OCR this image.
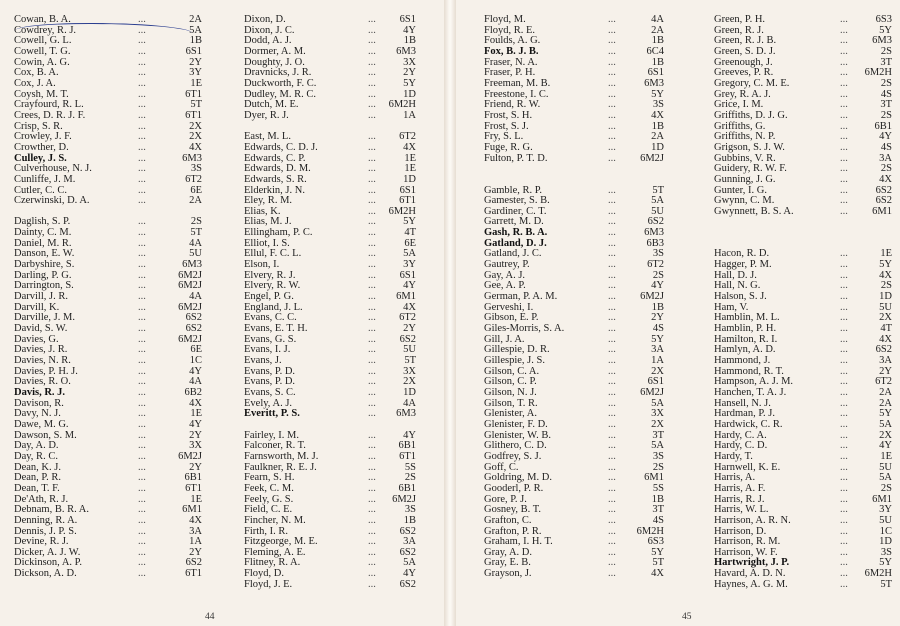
Cowan, B. A.	...	2A
Cowdrey, R. J.	...	5A
Cowell, G. L.	...	1B
Cowell, T. G.	...	6S1
Cowin, A. G.	...	2Y
Cox, B. A.	...	3Y
Cox, J. A.	...	1E
Coysh, M. T.	...	6T1
Crayfourd, R. L.	...	5T
Crees, D. R. J. F.	...	6T1
Crisp, S. R.	...	2X
Crowley, J. F.	...	2X
Crowther, D.	...	4X
Culley, J. S.	...	6M3
Culverhouse, N. J.	...	3S
Cunliffe, J. M.	...	6T2
Cutler, C. C.	...	6E
Czerwinski, D. A.	...	2A
Daglish, S. P.	...	2S
Dainty, C. M.	...	5T
Daniel, M. R.	...	4A
Danson, E. W.	...	5U
Darbyshire, S.	...	6M3
Darling, P. G.	...	6M2J
Darrington, S.	...	6M2J
Darvill, J. R.	...	4A
Darvill, K.	...	6M2J
Darville, J. M.	...	6S2
David, S. W.	...	6S2
Davies, G.	...	6M2J
Davies, J. R.	...	6E
Davies, N. R.	...	1C
Davies, P. H. J.	...	4Y
Davies, R. O.	...	4A
Davis, R. J.	...	6B2
Davison, R.	...	4X
Davy, N. J.	...	1E
Dawe, M. G.	...	4Y
Dawson, S. M.	...	2Y
Day, A. D.	...	3X
Day, R. C.	...	6M2J
Dean, K. J.	...	2Y
Dean, P. R.	...	6B1
Dean, T. F.	...	6T1
De'Ath, R. J.	...	1E
Debnam, B. R. A.	...	6M1
Denning, R. A.	...	4X
Dennis, J. P. S.	...	3A
Devine, R. J.	...	1A
Dicker, A. J. W.	...	2Y
Dickinson, A. P.	...	6S2
Dickson, A. D.	...	6T1
Dixon, D.	... 6S1
Dixon, J. C.	...	4Y
Dodd, A. J.	...	1B
Dormer, A. M.	... 6M3
Doughty, J. O.	...	3X
Dravnicks, J. R.	...	2Y
Duckworth, F. C.	...	5Y
Dudley, M. R. C.	...	1D
Dutch, M. E.	... 6M2H
Dyer, R. J.	...	1A
East, M. L.	... 6T2
Edwards, C. D. J.	...	4X
Edwards, C. P.	...	1E
Edwards, D. M.	...	1E
Edwards, S. R.	...	1D
Elderkin, J. N.	... 6S1
Eley, R. M.	... 6T1
Elias, K.	... 6M2H
Elias, M. J.	...	5Y
Ellingham, P. C.	...	4T
Elliot, I. S.	...	6E
Ellul, F. C. L.	...	5A
Elson, I.	...	3Y
Elvery, R. J.	... 6S1
Elvery, R. W.	...	4Y
Engel, P. G.	... 6M1
England, J. L.	...	4X
Evans, C. C.	... 6T2
Evans, E. T. H.	...	2Y
Evans, G. S.	... 6S2
Evans, I. J.	...	5U
Evans, J.	...	5T
Evans, P. D.	...	3X
Evans, P. D.	...	2X
Evans, S. C.	...	1D
Evely, A. J.	...	4A
Everitt, P. S.	... 6M3
Fairley, I. M.	...	4Y
Falconer, R. T.	... 6B1
Farnsworth, M. J.	... 6T1
Faulkner, R. E. J.	...	5S
Fearn, S. H.	...	2S
Feek, C. M.	... 6B1
Feely, G. S.	... 6M2J
Field, C. E.	...	3S
Fincher, N. M.	...	1B
Firth, I. R.	... 6S2
Fitzgeorge, M. E.	...	3A
Fleming, A. E.	... 6S2
Flitney, R. A.	...	5A
Floyd, D.	...	4Y
Floyd, J. E.	... 6S2
44
Floyd, M.	...	4A
Floyd, R. E.	...	2A
Foulds, A. G.	...	1B
Fox, B. J. B.	...	6C4
Fraser, N. A.	...	1B
Fraser, P. H.	...	6S1
Freeman, M. B.	...	6M3
Freestone, I. C.	...	5Y
Friend, R. W.	...	3S
Frost, S. H.	...	4X
Frost, S. J.	...	1B
Fry, S. L.	...	2A
Fuge, R. G.	...	1D
Fulton, P. T. D.	... 6M2J
Gamble, R. P.	...	5T
Gamester, S. B.	...	5A
Gardiner, C. T.	...	5U
Garrett, M. D.	...	6S2
Gash, R. B. A.	...	6M3
Gatland, D. J.	...	6B3
Gatland, J. C.	...	3S
Gautrey, P.	...	6T2
Gay, A. J.	...	2S
Gee, A. P.	...	4Y
German, P. A. M.	... 6M2J
Gerveshi, I.	...	1B
Gibson, E. P.	...	2Y
Giles-Morris, S. A.	...	4S
Gill, J. A.	...	5Y
Gillespie, D. R.	...	3A
Gillespie, J. S.	...	1A
Gilson, C. A.	...	2X
Gilson, C. P.	...	6S1
Gilson, N. J.	... 6M2J
Gilson, T. R.	...	5A
Glenister, A.	...	3X
Glenister, F. D.	...	2X
Glenister, W. B.	...	3T
Glithero, C. D.	...	5A
Godfrey, S. J.	...	3S
Goff, C.	...	2S
Goldring, M. D.	...	6M1
Gooderl, P. R.	...	5S
Gore, P. J.	...	1B
Gosney, B. T.	...	3T
Grafton, C.	...	4S
Grafton, P. R.	... 6M2H
Graham, I. H. T.	...	6S3
Gray, A. D.	...	5Y
Gray, E. B.	...	5T
Grayson, J.	...	4X
Green, P. H.	...	6S3
Green, R. J.	...	5Y
Green, R. J. B.	... 6M3
Green, S. D. J.	...	2S
Greenough, J.	...	3T
Greeves, P. R.	... 6M2H
Gregory, C. M. E.	...	2S
Grey, R. A. J.	...	4S
Grice, I. M.	...	3T
Griffiths, D. J. G.	...	2S
Griffiths, G.	...	6B1
Griffiths, N. P.	...	4Y
Grigson, S. J. W.	...	4S
Gubbins, V. R.	...	3A
Guidery, R. W. F.	...	2S
Gunning, J. G.	...	4X
Gunter, I. G.	...	6S2
Gwynn, C. M.	...	6S2
Gwynnett, B. S. A.	... 6M1
Hacon, R. D.	...	1E
Hagger, P. M.	...	5Y
Hall, D. J.	...	4X
Hall, N. G.	...	2S
Halson, S. J.	...	1D
Ham, V.	...	5U
Hamblin, M. L.	...	2X
Hamblin, P. H.	...	4T
Hamilton, R. I.	...	4X
Hamlyn, A. D.	...	6S2
Hammond, J.	...	3A
Hammond, R. T.	...	2Y
Hampson, A. J. M.	...	6T2
Hanchen, T. A. J.	...	2A
Hansell, N. J.	...	2A
Hardman, P. J.	...	5Y
Hardwick, C. R.	...	5A
Hardy, C. A.	...	2X
Hardy, C. D.	...	4Y
Hardy, T.	...	1E
Harnwell, K. E.	...	5U
Harris, A.	...	5A
Harris, A. F.	...	2S
Harris, R. J.	... 6M1
Harris, W. L.	...	3Y
Harrison, A. R. N.	...	5U
Harrison, D.	...	1C
Harrison, R. M.	...	1D
Harrison, W. F.	...	3S
Hartwright, J. P.	...	5Y
Havard, A. D. N.	... 6M2H
Haynes, A. G. M.	...	5T
45
